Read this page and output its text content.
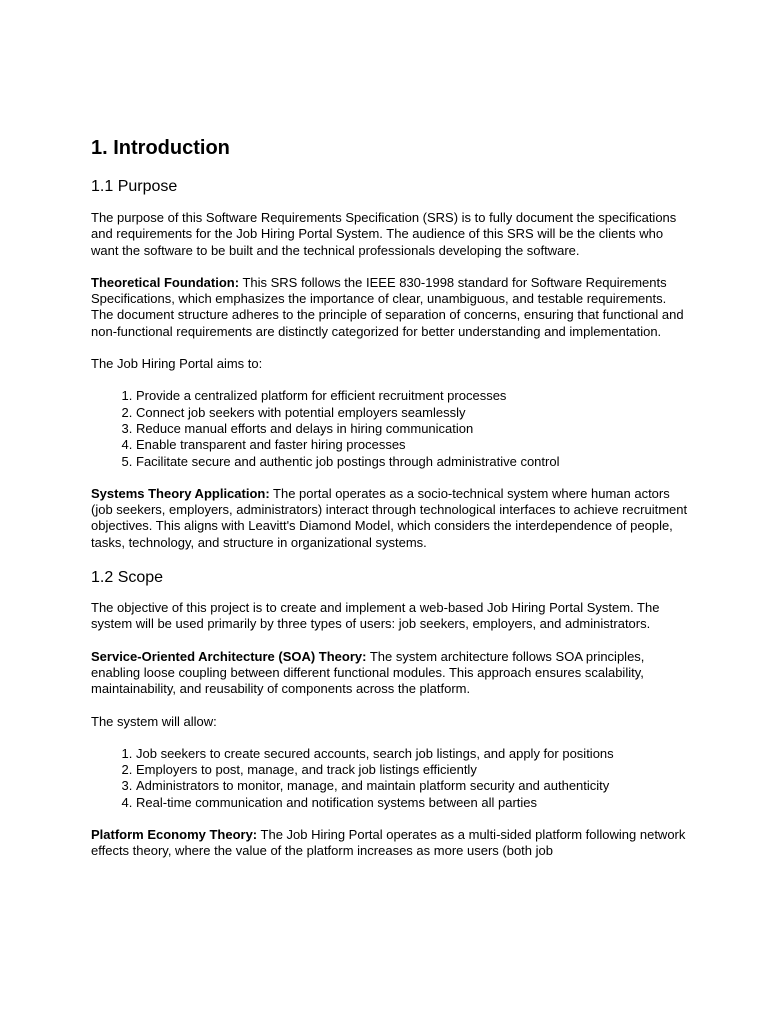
1. Introduction
1.1 Purpose

The purpose of this Software Requirements Specification (SRS) is to fully document the specifications and requirements for the Job Hiring Portal System. The audience of this SRS will be the clients who want the software to be built and the technical professionals developing the software.

Theoretical Foundation: This SRS follows the IEEE 830-1998 standard for Software Requirements Specifications, which emphasizes the importance of clear, unambiguous, and testable requirements. The document structure adheres to the principle of separation of concerns, ensuring that functional and non-functional requirements are distinctly categorized for better understanding and implementation.

The Job Hiring Portal aims to:

1. Provide a centralized platform for efficient recruitment processes
2. Connect job seekers with potential employers seamlessly
3. Reduce manual efforts and delays in hiring communication
4. Enable transparent and faster hiring processes
5. Facilitate secure and authentic job postings through administrative control

Systems Theory Application: The portal operates as a socio-technical system where human actors (job seekers, employers, administrators) interact through technological interfaces to achieve recruitment objectives. This aligns with Leavitt's Diamond Model, which considers the interdependence of people, tasks, technology, and structure in organizational systems.

1.2 Scope

The objective of this project is to create and implement a web-based Job Hiring Portal System. The system will be used primarily by three types of users: job seekers, employers, and administrators.

Service-Oriented Architecture (SOA) Theory: The system architecture follows SOA principles, enabling loose coupling between different functional modules. This approach ensures scalability, maintainability, and reusability of components across the platform.

The system will allow:

1. Job seekers to create secured accounts, search job listings, and apply for positions
2. Employers to post, manage, and track job listings efficiently
3. Administrators to monitor, manage, and maintain platform security and authenticity
4. Real-time communication and notification systems between all parties

Platform Economy Theory: The Job Hiring Portal operates as a multi-sided platform following network effects theory, where the value of the platform increases as more users (both job
